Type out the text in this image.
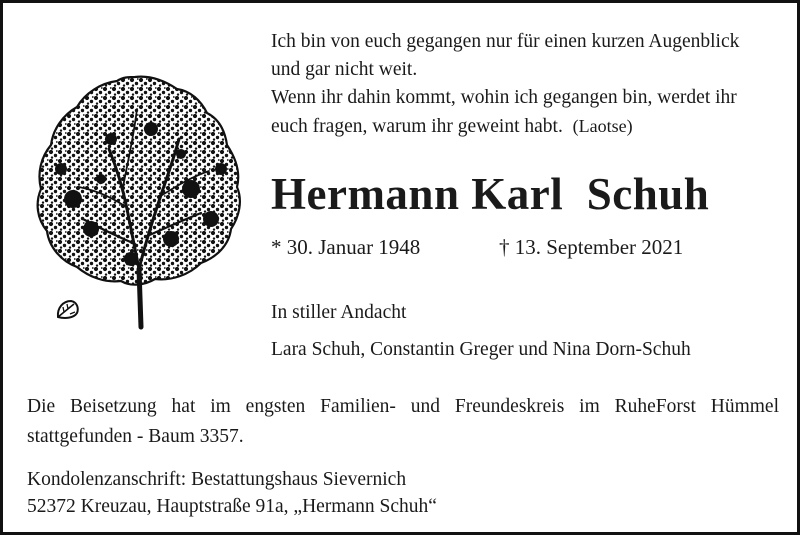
Ich bin von euch gegangen nur für einen kurzen Augenblick
und gar nicht weit.
Wenn ihr dahin kommt, wohin ich gegangen bin, werdet ihr
euch fragen, warum ihr geweint habt. (Laotse)
Hermann Karl  Schuh
* 30. Januar 1948	† 13. September 2021
In stiller Andacht
Lara Schuh, Constantin Greger und Nina Dorn-Schuh
Die Beisetzung hat im engsten Familien- und Freundeskreis im RuheForst Hümmel
stattgefunden - Baum 3357.
Kondolenzanschrift: Bestattungshaus Sievernich
52372 Kreuzau, Hauptstraße 91a, „Hermann Schuh“
